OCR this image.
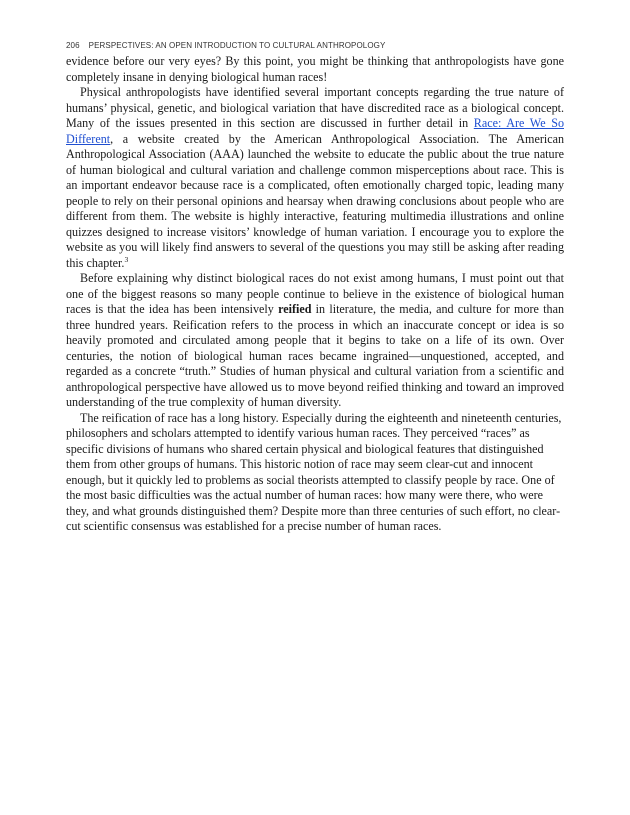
206 PERSPECTIVES: AN OPEN INTRODUCTION TO CULTURAL ANTHROPOLOGY

evidence before our very eyes? By this point, you might be thinking that anthropologists have gone completely insane in denying biological human races!

Physical anthropologists have identified several important concepts regarding the true nature of humans’ physical, genetic, and biological variation that have discredited race as a biological concept. Many of the issues presented in this section are discussed in further detail in Race: Are We So Different, a website created by the American Anthropological Association. The American Anthropological Association (AAA) launched the website to educate the public about the true nature of human biological and cultural variation and challenge common misperceptions about race. This is an important endeavor because race is a complicated, often emotionally charged topic, leading many people to rely on their personal opinions and hearsay when drawing conclusions about people who are different from them. The website is highly interactive, featuring multimedia illustrations and online quizzes designed to increase visitors’ knowledge of human variation. I encourage you to explore the website as you will likely find answers to several of the questions you may still be asking after reading this chapter.$^3$

Before explaining why distinct biological races do not exist among humans, I must point out that one of the biggest reasons so many people continue to believe in the existence of biological human races is that the idea has been intensively reified in literature, the media, and culture for more than three hundred years. Reification refers to the process in which an inaccurate concept or idea is so heavily promoted and circulated among people that it begins to take on a life of its own. Over centuries, the notion of biological human races became ingrained—unquestioned, accepted, and regarded as a concrete “truth.” Studies of human physical and cultural variation from a scientific and anthropological perspective have allowed us to move beyond reified thinking and toward an improved understanding of the true complexity of human diversity.

The reification of race has a long history. Especially during the eighteenth and nineteenth centuries, philosophers and scholars attempted to identify various human races. They perceived “races” as specific divisions of humans who shared certain physical and biological features that distinguished them from other groups of humans. This historic notion of race may seem clear-cut and innocent enough, but it quickly led to problems as social theorists attempted to classify people by race. One of the most basic difficulties was the actual number of human races: how many were there, who were they, and what grounds distinguished them? Despite more than three centuries of such effort, no clear-cut scientific consensus was established for a precise number of human races.
